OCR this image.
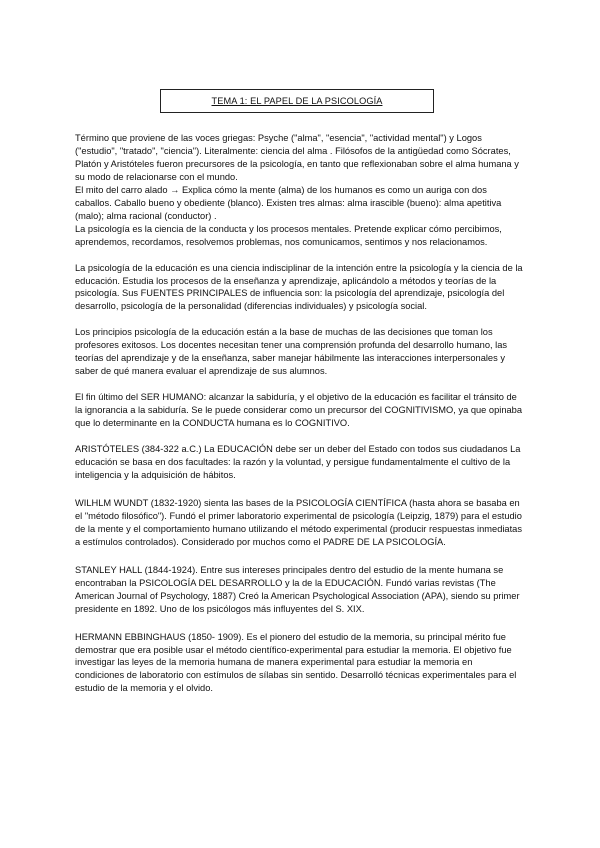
TEMA 1: EL PAPEL DE LA PSICOLOGÍA

Término que proviene de las voces griegas: Psyche ("alma", "esencia", "actividad mental") y Logos ("estudio", "tratado", "ciencia"). Literalmente: ciencia del alma . Filósofos de la antigüedad como Sócrates, Platón y Aristóteles fueron precursores de la psicología, en tanto que reflexionaban sobre el alma humana y su modo de relacionarse con el mundo.

El mito del carro alado → Explica cómo la mente (alma) de los humanos es como un auriga con dos caballos. Caballo bueno y obediente (blanco). Existen tres almas: alma irascible (bueno): alma apetitiva (malo); alma racional (conductor) .

La psicología es la ciencia de la conducta y los procesos mentales. Pretende explicar cómo percibimos, aprendemos, recordamos, resolvemos problemas, nos comunicamos, sentimos y nos relacionamos.

La psicología de la educación es una ciencia indisciplinar de la intención entre la psicología y la ciencia de la educación. Estudia los procesos de la enseñanza y aprendizaje, aplicándolo a métodos y teorías de la psicología. Sus FUENTES PRINCIPALES de influencia son: la psicología del aprendizaje, psicología del desarrollo, psicología de la personalidad (diferencias individuales) y psicología social.

Los principios psicología de la educación están a la base de muchas de las decisiones que toman los profesores exitosos. Los docentes necesitan tener una comprensión profunda del desarrollo humano, las teorías del aprendizaje y de la enseñanza, saber manejar hábilmente las interacciones interpersonales y saber de qué manera evaluar el aprendizaje de sus alumnos.

El fin último del SER HUMANO: alcanzar la sabiduría, y el objetivo de la educación es facilitar el tránsito de la ignorancia a la sabiduría. Se le puede considerar como un precursor del COGNITIVISMO, ya que opinaba que lo determinante en la CONDUCTA humana es lo COGNITIVO.

ARISTÓTELES (384-322 a.C.) La EDUCACIÓN debe ser un deber del Estado con todos sus ciudadanos La educación se basa en dos facultades: la razón y la voluntad, y persigue fundamentalmente el cultivo de la inteligencia y la adquisición de hábitos.

WILHLM WUNDT (1832-1920) sienta las bases de la PSICOLOGÍA CIENTÍFICA (hasta ahora se basaba en el "método filosófico"). Fundó el primer laboratorio experimental de psicología (Leipzig, 1879) para el estudio de la mente y el comportamiento humano utilizando el método experimental (producir respuestas inmediatas a estímulos controlados). Considerado por muchos como el PADRE DE LA PSICOLOGÍA.

STANLEY HALL (1844-1924). Entre sus intereses principales dentro del estudio de la mente humana se encontraban la PSICOLOGÍA DEL DESARROLLO y la de la EDUCACIÓN. Fundó varias revistas (The American Journal of Psychology, 1887) Creó la American Psychological Association (APA), siendo su primer presidente en 1892. Uno de los psicólogos más influyentes del S. XIX.

HERMANN EBBINGHAUS (1850- 1909). Es el pionero del estudio de la memoria, su principal mérito fue demostrar que era posible usar el método científico-experimental para estudiar la memoria. El objetivo fue investigar las leyes de la memoria humana de manera experimental para estudiar la memoria en condiciones de laboratorio con estímulos de sílabas sin sentido. Desarrolló técnicas experimentales para el estudio de la memoria y el olvido.
